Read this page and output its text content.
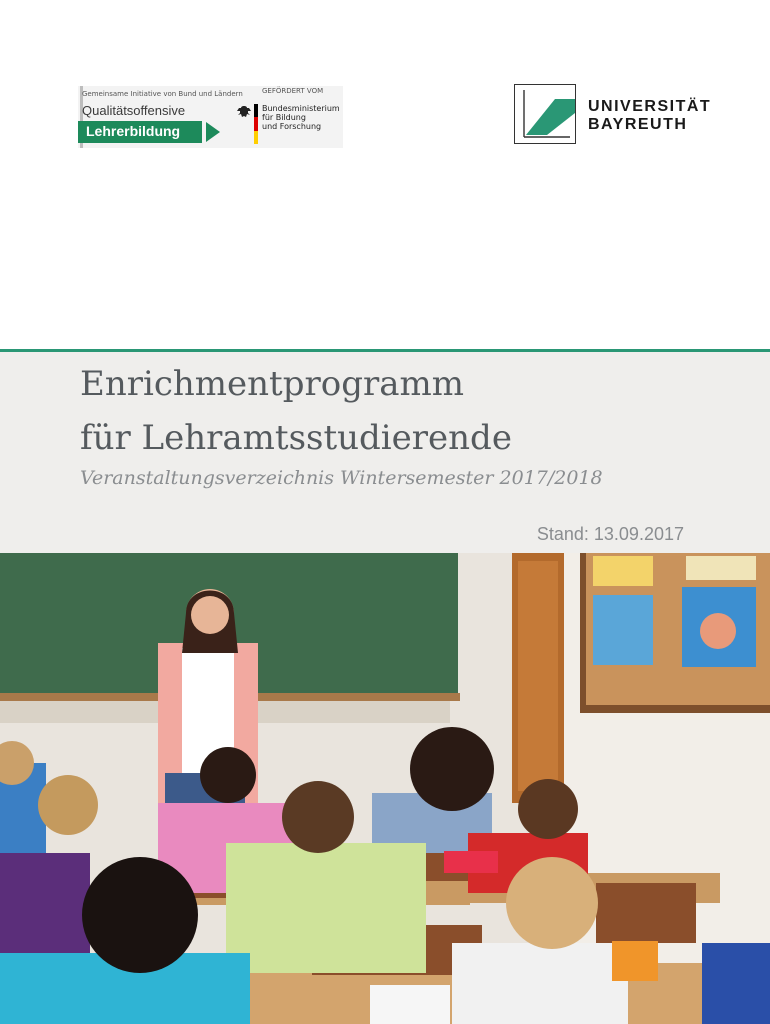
Gemeinsame Initiative von Bund und Ländern
Qualitätsoffensive
Lehrerbildung
GEFÖRDERT VOM
Bundesministerium
für Bildung
und Forschung
UNIVERSITÄT
BAYREUTH
Enrichmentprogramm
für Lehramtsstudierende
Veranstaltungsverzeichnis Wintersemester 2017/2018
Stand: 13.09.2017
